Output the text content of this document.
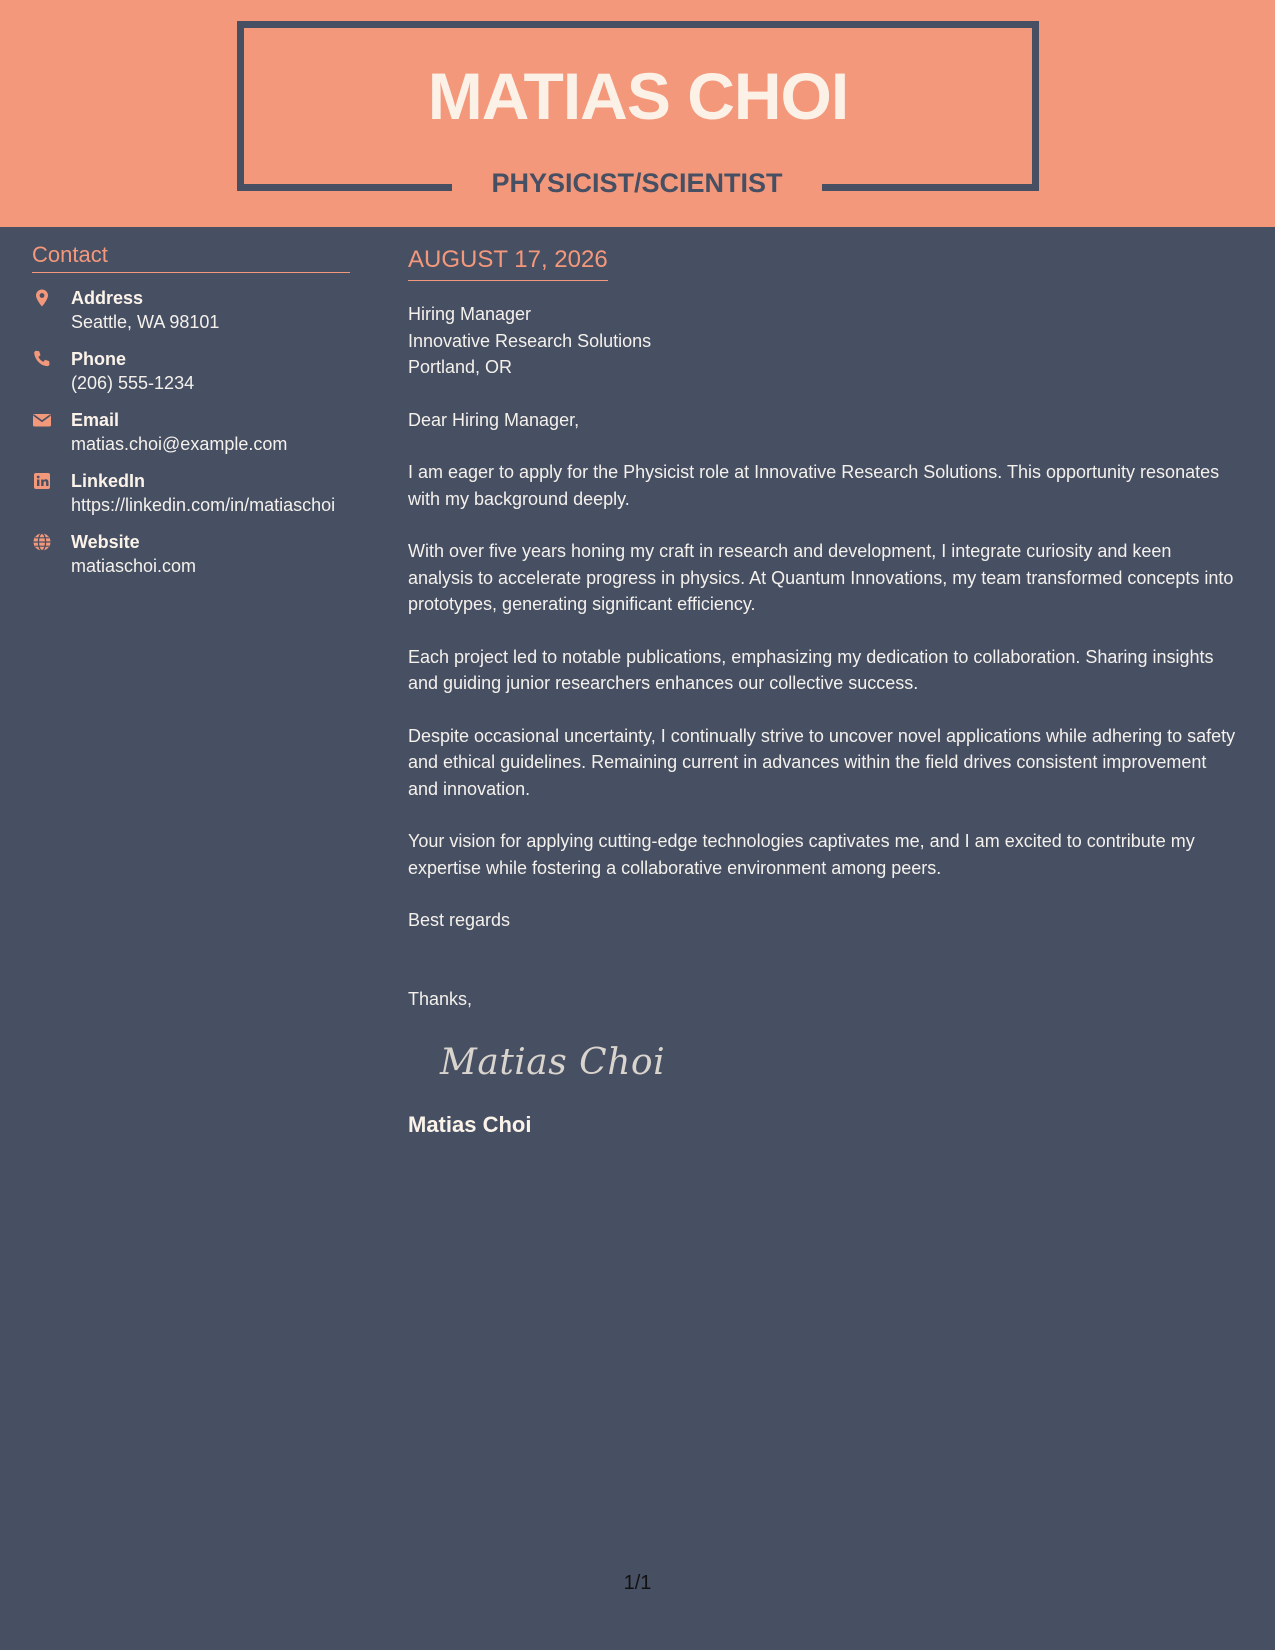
MATIAS CHOI
PHYSICIST/SCIENTIST
Contact
Address
Seattle, WA 98101
Phone
(206) 555-1234
Email
matias.choi@example.com
LinkedIn
https://linkedin.com/in/matiaschoi
Website
matiaschoi.com
AUGUST 17, 2026
Hiring Manager
Innovative Research Solutions
Portland, OR

Dear Hiring Manager,

I am eager to apply for the Physicist role at Innovative Research Solutions. This opportunity resonates with my background deeply.

With over five years honing my craft in research and development, I integrate curiosity and keen analysis to accelerate progress in physics. At Quantum Innovations, my team transformed concepts into prototypes, generating significant efficiency.

Each project led to notable publications, emphasizing my dedication to collaboration. Sharing insights and guiding junior researchers enhances our collective success.

Despite occasional uncertainty, I continually strive to uncover novel applications while adhering to safety and ethical guidelines. Remaining current in advances within the field drives consistent improvement and innovation.

Your vision for applying cutting-edge technologies captivates me, and I am excited to contribute my expertise while fostering a collaborative environment among peers.

Best regards

Thanks,

Matias Choi
Matias Choi
1/1
